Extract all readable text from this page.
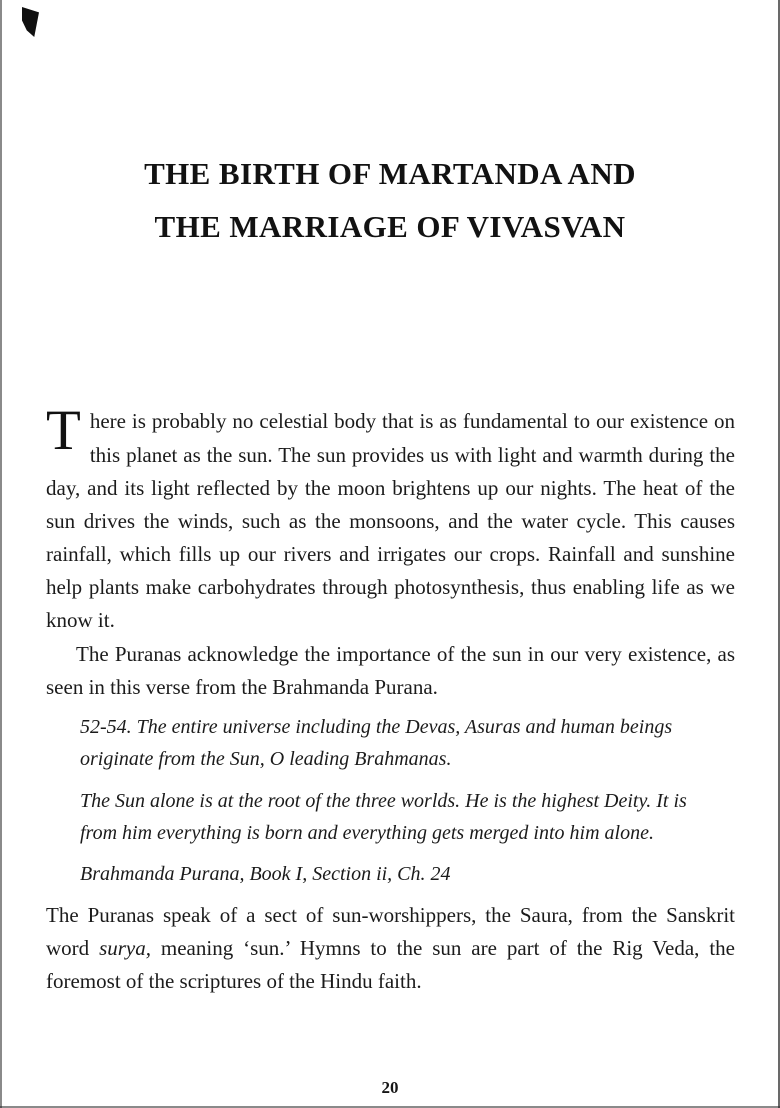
THE BIRTH OF MARTANDA AND
THE MARRIAGE OF VIVASVAN

There is probably no celestial body that is as fundamental to our existence on this planet as the sun. The sun provides us with light and warmth during the day, and its light reflected by the moon brightens up our nights. The heat of the sun drives the winds, such as the monsoons, and the water cycle. This causes rainfall, which fills up our rivers and irrigates our crops. Rainfall and sunshine help plants make carbohydrates through photosynthesis, thus enabling life as we know it.

The Puranas acknowledge the importance of the sun in our very existence, as seen in this verse from the Brahmanda Purana.

52-54. The entire universe including the Devas, Asuras and human beings originate from the Sun, O leading Brahmanas.

The Sun alone is at the root of the three worlds. He is the highest Deity. It is from him everything is born and everything gets merged into him alone.

Brahmanda Purana, Book I, Section ii, Ch. 24

The Puranas speak of a sect of sun-worshippers, the Saura, from the Sanskrit word surya, meaning ‘sun.’ Hymns to the sun are part of the Rig Veda, the foremost of the scriptures of the Hindu faith.

20
